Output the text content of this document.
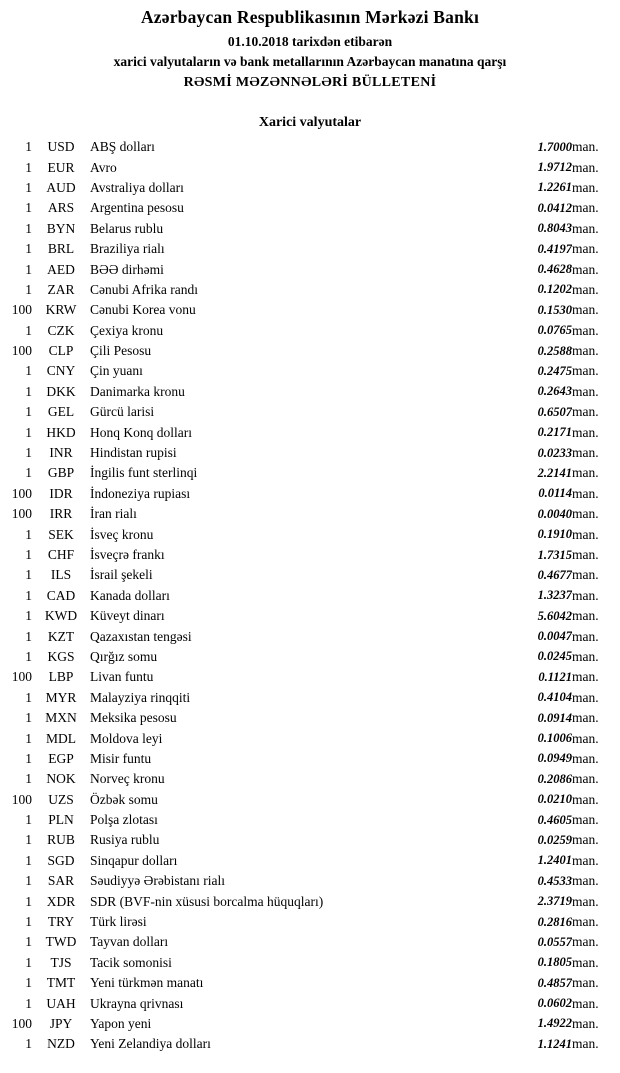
Azərbaycan Respublikasının Mərkəzi Bankı
01.10.2018 tarixdən etibarən
xarici valyutaların və bank metallarının Azərbaycan manatına qarşı
RƏSMİ MƏZƏNNƏLƏRİ BÜLLETENİ
Xarici valyutalar
1	USD	ABŞ dolları	1.7000	man.
1	EUR	Avro	1.9712	man.
1	AUD	Avstraliya dolları	1.2261	man.
1	ARS	Argentina pesosu	0.0412	man.
1	BYN	Belarus rublu	0.8043	man.
1	BRL	Braziliya rialı	0.4197	man.
1	AED	BƏƏ dirhəmi	0.4628	man.
1	ZAR	Cənubi Afrika randı	0.1202	man.
100	KRW	Cənubi Korea vonu	0.1530	man.
1	CZK	Çexiya kronu	0.0765	man.
100	CLP	Çili Pesosu	0.2588	man.
1	CNY	Çin yuanı	0.2475	man.
1	DKK	Danimarka kronu	0.2643	man.
1	GEL	Gürcü larisi	0.6507	man.
1	HKD	Honq Konq dolları	0.2171	man.
1	INR	Hindistan rupisi	0.0233	man.
1	GBP	İngilis funt sterlinqi	2.2141	man.
100	IDR	İndoneziya rupiası	0.0114	man.
100	IRR	İran rialı	0.0040	man.
1	SEK	İsveç kronu	0.1910	man.
1	CHF	İsveçrə frankı	1.7315	man.
1	ILS	İsrail şekeli	0.4677	man.
1	CAD	Kanada dolları	1.3237	man.
1	KWD	Küveyt dinarı	5.6042	man.
1	KZT	Qazaxıstan tengəsi	0.0047	man.
1	KGS	Qırğız somu	0.0245	man.
100	LBP	Livan funtu	0.1121	man.
1	MYR	Malayziya rinqqiti	0.4104	man.
1	MXN	Meksika pesosu	0.0914	man.
1	MDL	Moldova leyi	0.1006	man.
1	EGP	Misir funtu	0.0949	man.
1	NOK	Norveç kronu	0.2086	man.
100	UZS	Özbək somu	0.0210	man.
1	PLN	Polşa zlotası	0.4605	man.
1	RUB	Rusiya rublu	0.0259	man.
1	SGD	Sinqapur dolları	1.2401	man.
1	SAR	Səudiyyə Ərəbistanı rialı	0.4533	man.
1	XDR	SDR (BVF-nin xüsusi borcalma hüquqları)	2.3719	man.
1	TRY	Türk lirəsi	0.2816	man.
1	TWD	Tayvan dolları	0.0557	man.
1	TJS	Tacik somonisi	0.1805	man.
1	TMT	Yeni türkmən manatı	0.4857	man.
1	UAH	Ukrayna qrivnası	0.0602	man.
100	JPY	Yapon yeni	1.4922	man.
1	NZD	Yeni Zelandiya dolları	1.1241	man.
